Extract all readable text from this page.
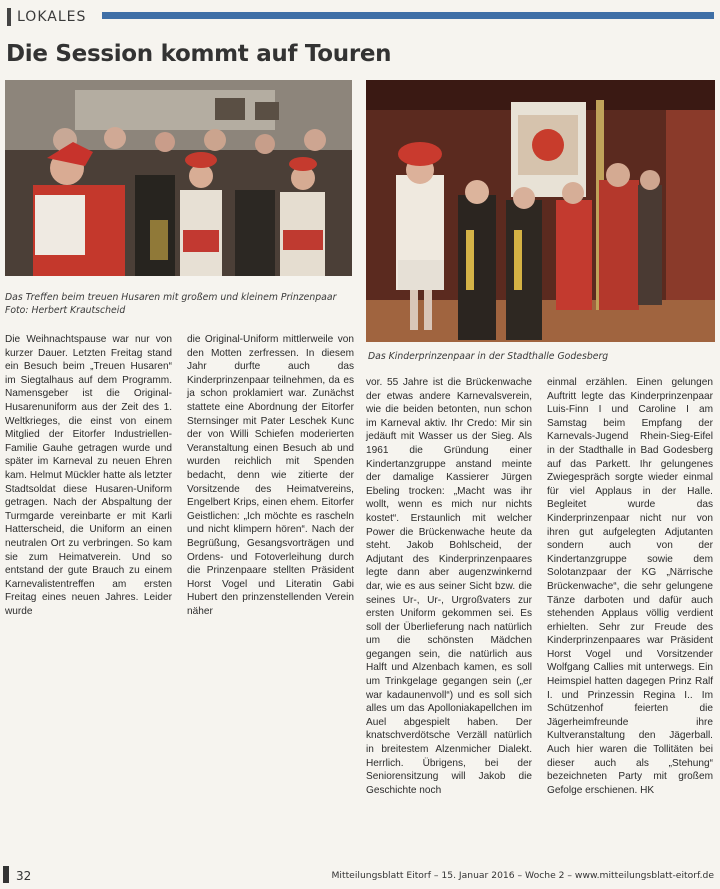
LOKALES
Die Session kommt auf Touren
Das Treffen beim treuen Husaren mit großem und kleinem Prinzenpaar
Foto: Herbert Krautscheid
Das Kinderprinzenpaar in der Stadthalle Godesberg

Die Weihnachtspause war nur von kurzer Dauer. Letzten Freitag stand ein Besuch beim „Treuen Husaren“ im Siegtalhaus auf dem Programm. Namensgeber ist die Original-Husarenuniform aus der Zeit des 1. Weltkrieges, die einst von einem Mitglied der Eitorfer Industriellen-Familie Gauhe getragen wurde und später im Karneval zu neuen Ehren kam. Helmut Mückler hatte als letzter Stadtsoldat diese Husaren-Uniform getragen. Nach der Abspaltung der Turmgarde vereinbarte er mit Karli Hatterscheid, die Uniform an einen neutralen Ort zu verbringen. So kam sie zum Heimatverein. Und so entstand der gute Brauch zu einem Karnevalistentreffen am ersten Freitag eines neuen Jahres. Leider wurde

die Original-Uniform mittlerweile von den Motten zerfressen. In diesem Jahr durfte auch das Kinderprinzenpaar teilnehmen, da es ja schon proklamiert war. Zunächst stattete eine Abordnung der Eitorfer Sternsinger mit Pater Leschek Kunc der von Willi Schiefen moderierten Veranstaltung einen Besuch ab und wurden reichlich mit Spenden bedacht, denn wie zitierte der Vorsitzende des Heimatvereins, Engelbert Krips, einen ehem. Eitorfer Geistlichen: „Ich möchte es rascheln und nicht klimpern hören“. Nach der Begrüßung, Gesangsvorträgen und Ordens- und Fotoverleihung durch die Prinzenpaare stellten Präsident Horst Vogel und Literatin Gabi Hubert den prinzenstellenden Verein näher

vor. 55 Jahre ist die Brückenwache der etwas andere Karnevalsverein, wie die beiden betonten, nun schon im Karneval aktiv. Ihr Credo: Mir sin jedäuft mit Wasser us der Sieg. Als 1961 die Gründung einer Kindertanzgruppe anstand meinte der damalige Kassierer Jürgen Ebeling trocken: „Macht was ihr wollt, wenn es mich nur nichts kostet“. Erstaunlich mit welcher Power die Brückenwache heute da steht. Jakob Bohlscheid, der Adjutant des Kinderprinzenpaares legte dann aber augenzwinkernd dar, wie es aus seiner Sicht bzw. die seines Ur-, Ur-, Urgroßvaters zur ersten Uniform gekommen sei. Es soll der Überlieferung nach natürlich um die schönsten Mädchen gegangen sein, die natürlich aus Halft und Alzenbach kamen, es soll um Trinkgelage gegangen sein („er war kadaunenvoll“) und es soll sich alles um das Apolloniakapellchen im Auel abgespielt haben. Der knatschverdötsche Verzäll natürlich in breitestem Alzenmicher Dialekt. Herrlich. Übrigens, bei der Seniorensitzung will Jakob die Geschichte noch

einmal erzählen. Einen gelungen Auftritt legte das Kinderprinzenpaar Luis-Finn I und Caroline I am Samstag beim Empfang der Karnevals-Jugend Rhein-Sieg-Eifel in der Stadthalle in Bad Godesberg auf das Parkett. Ihr gelungenes Zwiegespräch sorgte wieder einmal für viel Applaus in der Halle. Begleitet wurde das Kinderprinzenpaar nicht nur von ihren gut aufgelegten Adjutanten sondern auch von der Kindertanzgruppe sowie dem Solotanzpaar der KG „Närrische Brückenwache“, die sehr gelungene Tänze darboten und dafür auch stehenden Applaus völlig verdient erhielten. Sehr zur Freude des Kinderprinzenpaares war Präsident Horst Vogel und Vorsitzender Wolfgang Callies mit unterwegs. Ein Heimspiel hatten dagegen Prinz Ralf I. und Prinzessin Regina I.. Im Schützenhof feierten die Jägerheimfreunde ihre Kultveranstaltung den Jägerball. Auch hier waren die Tollitäten bei dieser auch als „Stehung“ bezeichneten Party mit großem Gefolge erschienen. HK

32	Mitteilungsblatt Eitorf – 15. Januar 2016 – Woche 2 – www.mitteilungsblatt-eitorf.de
